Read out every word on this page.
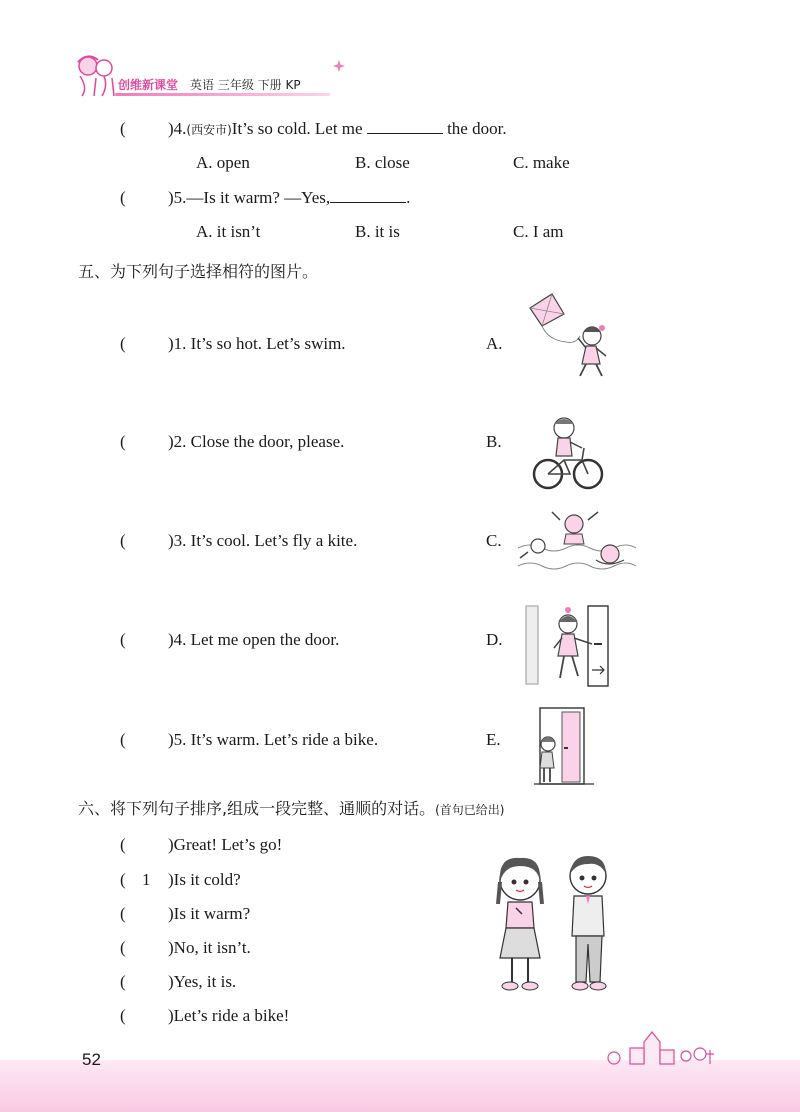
创维新课堂 英语 三年级 下册 KP
( )4.(西安市)It’s so cold. Let me	the door.
A. open	B. close	C. make
( )5.—Is it warm? —Yes,	.
A. it isn’t	B. it is	C. I am
五、为下列句子选择相符的图片。
( )1. It’s so hot. Let’s swim.	A.
( )2. Close the door, please.	B.
( )3. It’s cool. Let’s fly a kite.	C.
( )4. Let me open the door.	D.
( )5. It’s warm. Let’s ride a bike.	E.
六、将下列句子排序,组成一段完整、通顺的对话。(首句已给出)
( )Great! Let’s go!
( 1 )Is it cold?
( )Is it warm?
( )No, it isn’t.
( )Yes, it is.
( )Let’s ride a bike!
52
